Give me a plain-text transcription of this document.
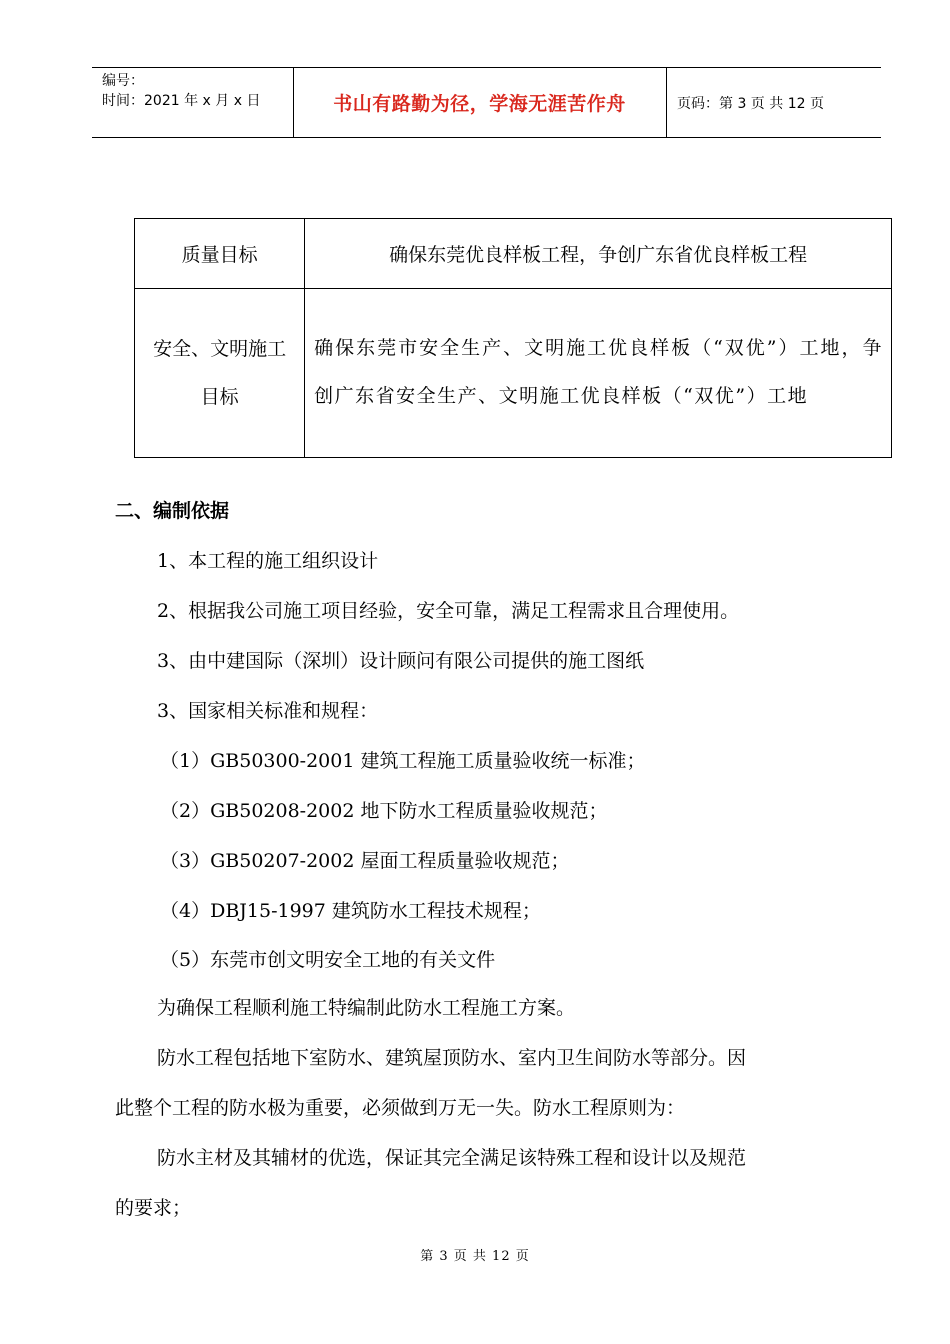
编号：
时间：2021 年 x 月 x 日	书山有路勤为径，学海无涯苦作舟	页码：第 3 页 共 12 页
质量目标	确保东莞优良样板工程，争创广东省优良样板工程

安全、文明施工
目标	确保东莞市安全生产、文明施工优良样板（“双优”）工地，争创广东省安全生产、文明施工优良样板（“双优”）工地
二、编制依据
1、本工程的施工组织设计
2、根据我公司施工项目经验，安全可靠，满足工程需求且合理使用。
3、由中建国际（深圳）设计顾问有限公司提供的施工图纸
3、国家相关标准和规程：
（1）GB50300-2001 建筑工程施工质量验收统一标准；
（2）GB50208-2002 地下防水工程质量验收规范；
（3）GB50207-2002 屋面工程质量验收规范；
（4）DBJ15-1997 建筑防水工程技术规程；
（5）东莞市创文明安全工地的有关文件
为确保工程顺利施工特编制此防水工程施工方案。
防水工程包括地下室防水、建筑屋顶防水、室内卫生间防水等部分。因
此整个工程的防水极为重要，必须做到万无一失。防水工程原则为：
防水主材及其辅材的优选，保证其完全满足该特殊工程和设计以及规范
的要求；
第 3 页 共 12 页
